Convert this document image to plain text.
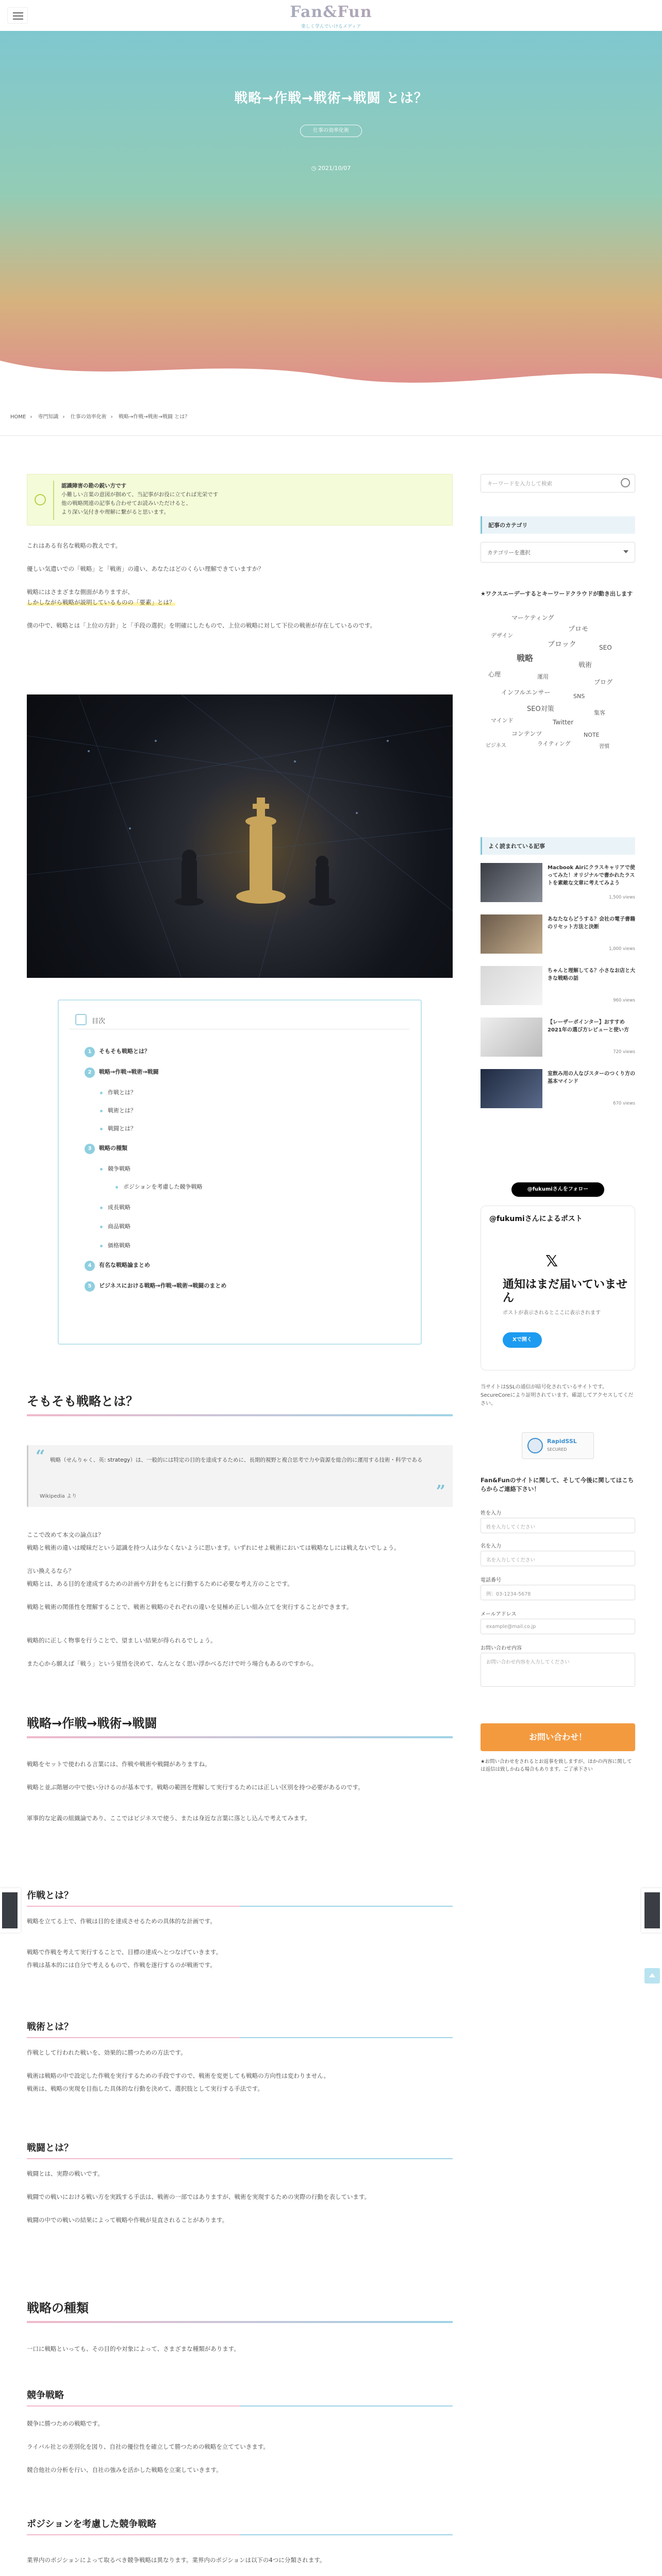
Fan&Fun
楽しく学んでいけるメディア
戦略→作戦→戦術→戦闘 とは？
仕事の効率化術
◷ 2021/10/07
HOME › 専門知識 › 仕事の効率化術 › 戦略→作戦→戦術→戦闘 とは？
認識障害の勘の鋭い方です
小難しい言葉の意図が掴めて、当記事がお役に立てれば光栄です
他の戦略関連の記事も合わせてお読みいただけると、
より深い気付きや理解に繋がると思います。

これはある有名な戦略の教えです。

優しい気遣いでの「戦略」と「戦術」の違い、あなたはどのくらい理解できていますか？

戦略にはさまざまな側面がありますが、

しかしながら戦略が説明しているものの「要素」とは？

僕の中で、戦略とは「上位の方針」と「手段の選択」を明確にしたもので、上位の戦略に対して下位の戦術が存在しているのです。

目次
1 そもそも戦略とは？
2 戦略→作戦→戦術→戦闘
作戦とは？
戦術とは？
戦闘とは？
3 戦略の種類
競争戦略
ポジションを考慮した競争戦略
成長戦略
商品戦略
価格戦略
4 有名な戦略論まとめ
5 ビジネスにおける戦略→作戦→戦術→戦闘のまとめ
そもそも戦略とは？
“ 戦略（せんりゃく、英: strategy）は、一般的には特定の目的を達成するために、長期的視野と複合思考で力や資源を総合的に運用する技術・科学である
Wikipedia より	”

ここで改めて本文の論点は？

戦略と戦術の違いは曖昧だという認識を持つ人は少なくないように思います。いずれにせよ戦術においては戦略なしには戦えないでしょう。

言い換えるなら？

戦略とは、ある目的を達成するための計画や方針をもとに行動するために必要な考え方のことです。

戦略と戦術の関係性を理解することで、戦術と戦略のそれぞれの違いを見極め正しい組み立てを実行することができます。

戦略的に正しく物事を行うことで、望ましい結果が得られるでしょう。

また心から願えば「戦う」という覚悟を決めて、なんとなく思い浮かべるだけで叶う場合もあるのですから。

戦略→作戦→戦術→戦闘

戦略をセットで使われる言葉には、作戦や戦術や戦闘がありますね。

戦略と並ぶ階層の中で使い分けるのが基本です。戦略の範囲を理解して実行するためには正しい区別を持つ必要があるのです。

軍事的な定義の組織論であり、ここではビジネスで使う、または身近な言葉に落とし込んで考えてみます。

作戦とは？

戦略を立てる上で、作戦は目的を達成させるための具体的な計画です。

戦略で作戦を考えて実行することで、目標の達成へとつなげていきます。

作戦は基本的には自分で考えるもので、作戦を遂行するのが戦術です。

戦術とは？

作戦として行われた戦いを、効果的に勝つための方法です。

戦術は戦略の中で設定した作戦を実行するための手段ですので、戦術を変更しても戦略の方向性は変わりません。

戦術は、戦略の実現を目指した具体的な行動を決めて、選択肢として実行する手法です。

戦闘とは？

戦闘とは、実際の戦いです。

戦闘での戦いにおける戦い方を実践する手法は、戦術の一部ではありますが、戦術を実現するための実際の行動を表しています。

戦闘の中での戦いの結果によって戦略や作戦が見直されることがあります。

戦略の種類

一口に戦略といっても、その目的や対象によって、さまざまな種類があります。

競争戦略

競争に勝つための戦略です。

ライバル社との差別化を図り、自社の優位性を確立して勝つための戦略を立てていきます。

競合他社の分析を行い、自社の強みを活かした戦略を立案していきます。

ポジションを考慮した競争戦略

業界内のポジションによって取るべき競争戦略は異なります。業界内のポジションは以下の4つに分類されます。

キーワードを入力して検索
記事のカテゴリ
カテゴリーを選択
★ワクスエーデーするとキーワードクラウドが動き出します
マーケティング
プロモ
デザイン
ブロック	SEO
戦略
戦術
心理	運用
ブログ
インフルエンサー
SNS
SEO対策	集客
マインド	Twitter
コンテンツ	NOTE
ライティング
ビジネス	習慣
よく読まれている記事
Macbook Airにクラスキャリアで使ってみた！オリジナルで書かれたラストを素敵な文章に考えてみよう
1,500 views
あなたならどうする？会社の電子書籍のリセット方法と決断
1,000 views
ちゃんと理解してる？小さなお店と大きな戦略の話
960 views
【レーザーポインター】おすすめ 2021年の選び方レビューと使い方
720 views
室飲み用の人なびスターのつくり方の基本マインド
670 views
@fukumiさんをフォロー
@fukumiさんによるポスト
𝕏
通知はまだ届いていません
ポストが表示されるとここに表示されます
Xで開く
当サイトはSSLの通信が暗号化されているサイトです。SecureCoreにより証明されています。確認してアクセスしてください。
RapidSSL
SECURED
Fan&Funのサイトに関して、そして今後に関してはこちらからご連絡下さい！
姓を入力
姓を入力してください
名を入力
名を入力してください
電話番号
例：03-1234-5678
メールアドレス
example@mail.co.jp
お問い合わせ内容
お問い合わせ内容を入力してください
お問い合わせ！
★お問い合わせをされるとお返事を致しますが、ほかの内容に関しては返信は致しかねる場合もあります。ご了承下さい
